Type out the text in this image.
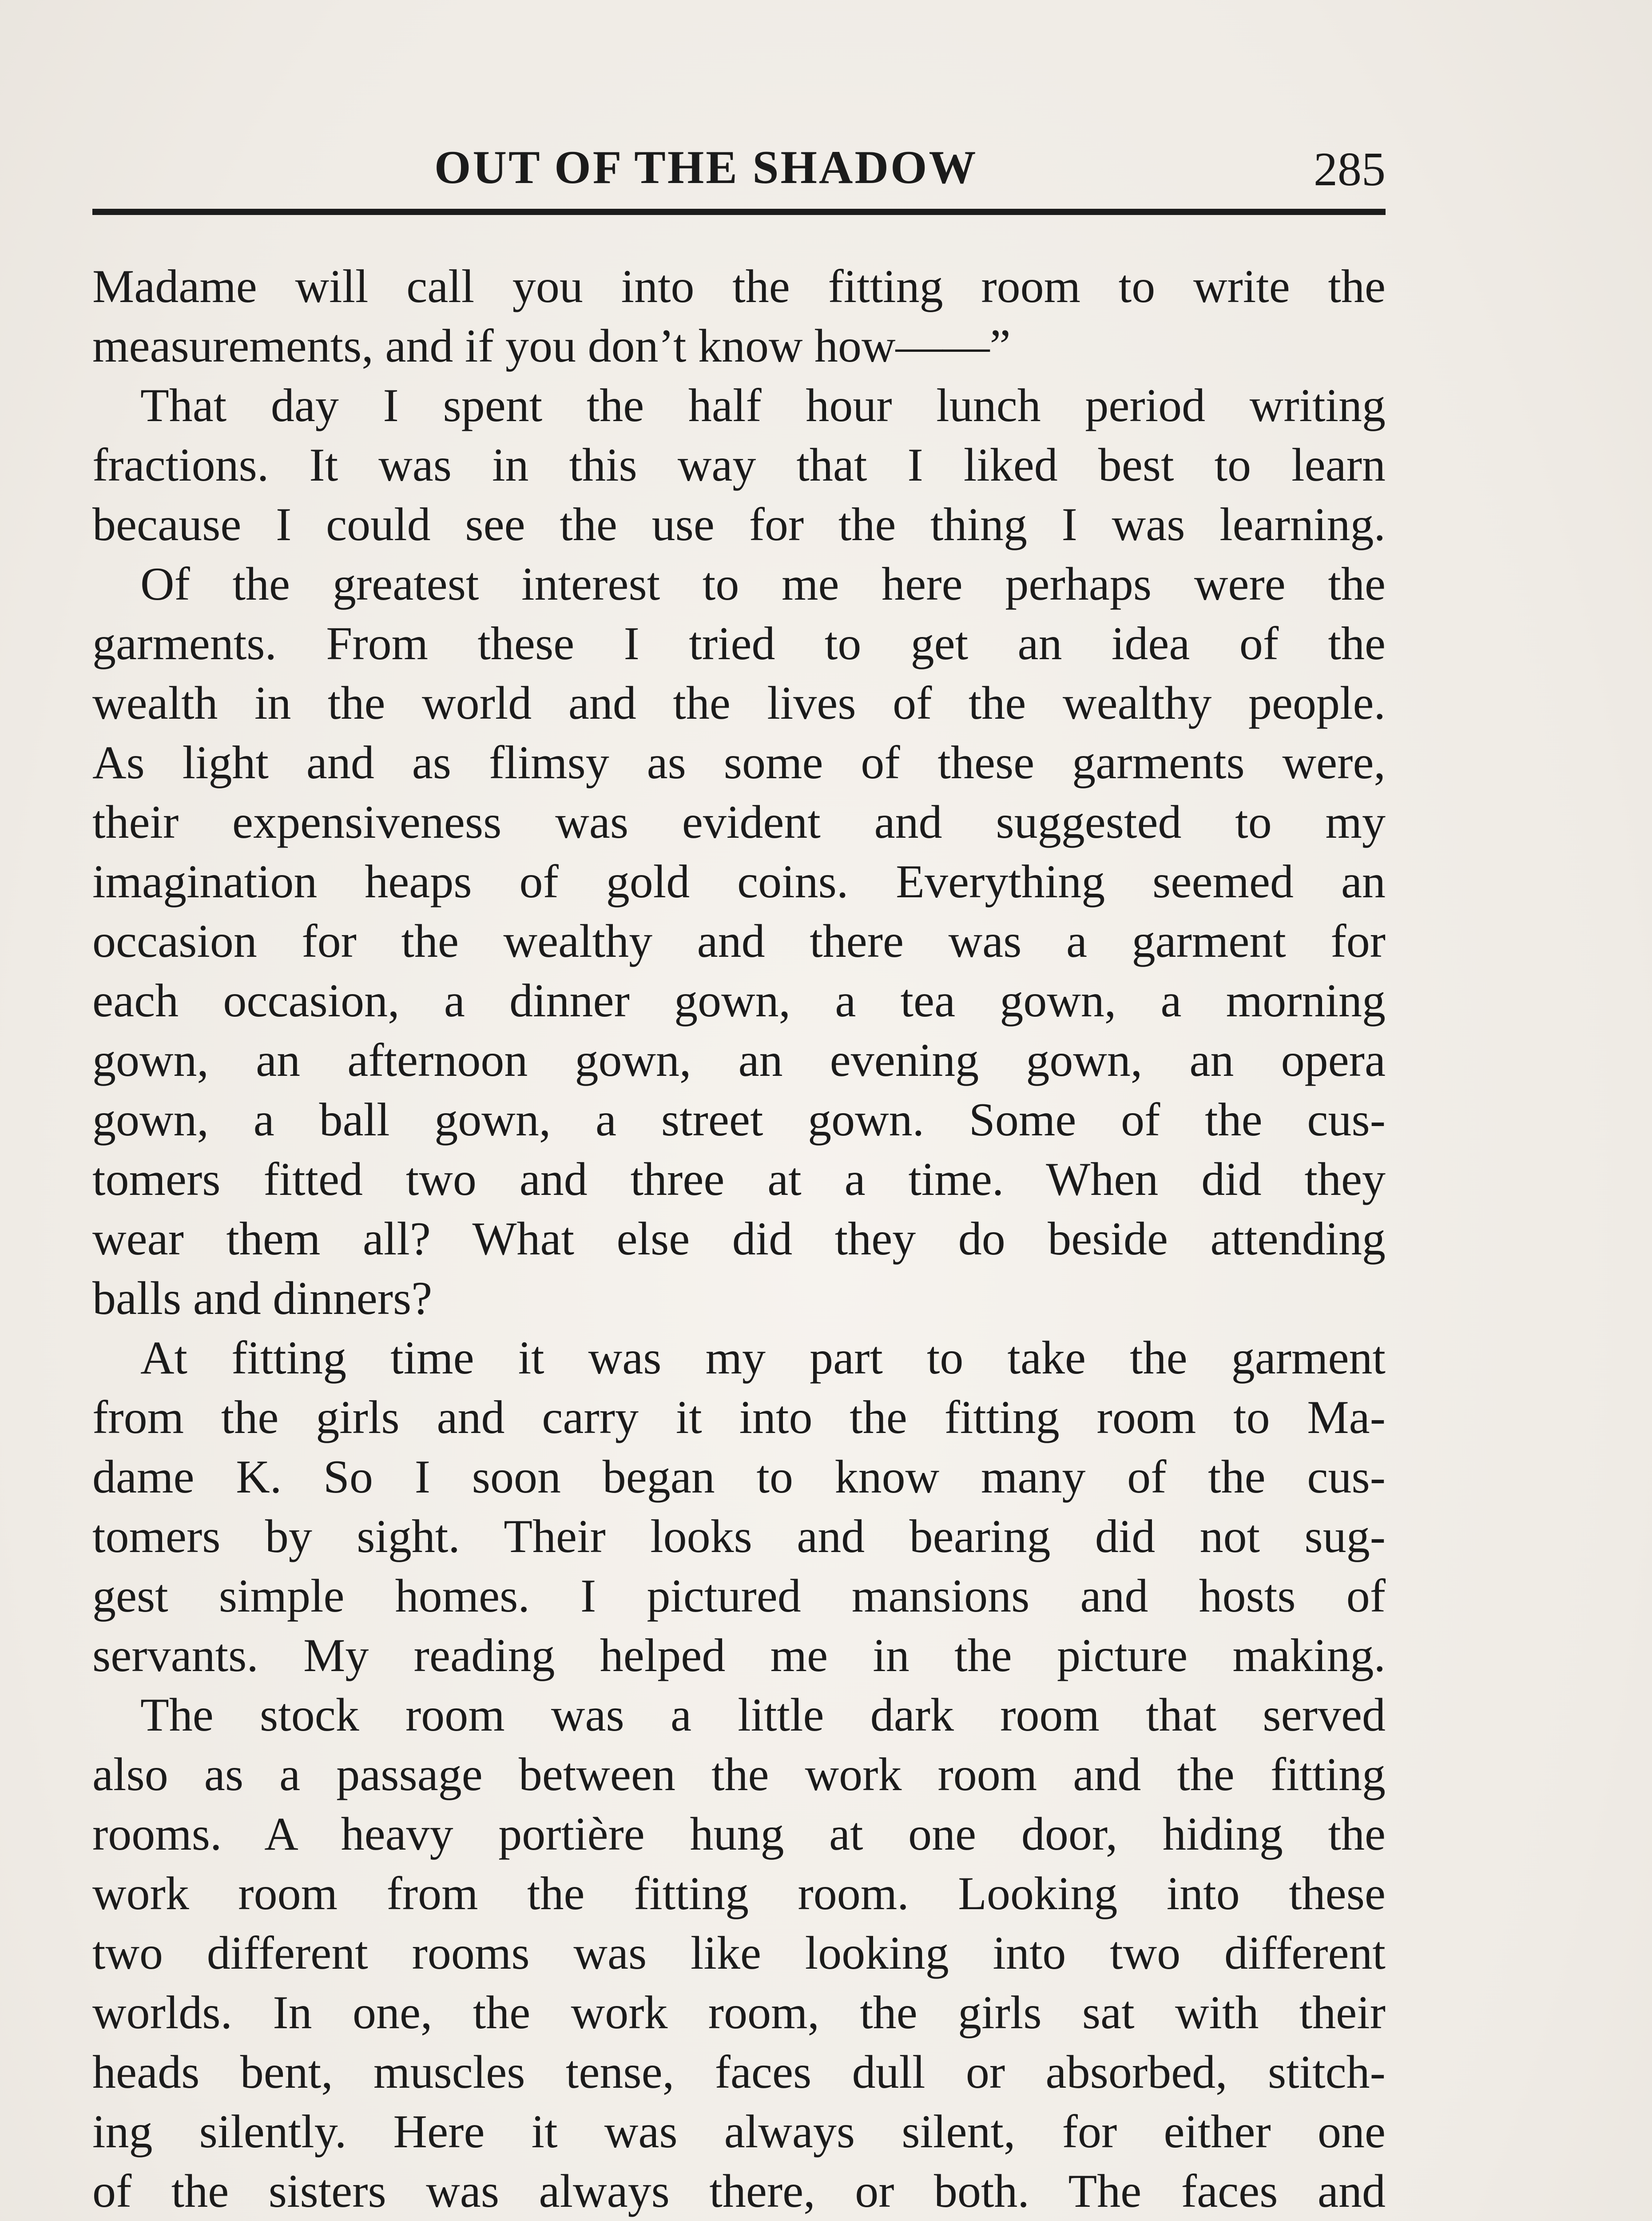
OUT OF THE SHADOW	285
Madame will call you into the fitting room to write the
measurements, and if you don’t know how——”
That day I spent the half hour lunch period writing
fractions. It was in this way that I liked best to learn
because I could see the use for the thing I was learning.
Of the greatest interest to me here perhaps were the
garments. From these I tried to get an idea of the
wealth in the world and the lives of the wealthy people.
As light and as flimsy as some of these garments were,
their expensiveness was evident and suggested to my
imagination heaps of gold coins. Everything seemed an
occasion for the wealthy and there was a garment for
each occasion, a dinner gown, a tea gown, a morning
gown, an afternoon gown, an evening gown, an opera
gown, a ball gown, a street gown. Some of the cus-
tomers fitted two and three at a time. When did they
wear them all? What else did they do beside attending
balls and dinners?
At fitting time it was my part to take the garment
from the girls and carry it into the fitting room to Ma-
dame K. So I soon began to know many of the cus-
tomers by sight. Their looks and bearing did not sug-
gest simple homes. I pictured mansions and hosts of
servants. My reading helped me in the picture making.
The stock room was a little dark room that served
also as a passage between the work room and the fitting
rooms. A heavy portière hung at one door, hiding the
work room from the fitting room. Looking into these
two different rooms was like looking into two different
worlds. In one, the work room, the girls sat with their
heads bent, muscles tense, faces dull or absorbed, stitch-
ing silently. Here it was always silent, for either one
of the sisters was always there, or both. The faces and
